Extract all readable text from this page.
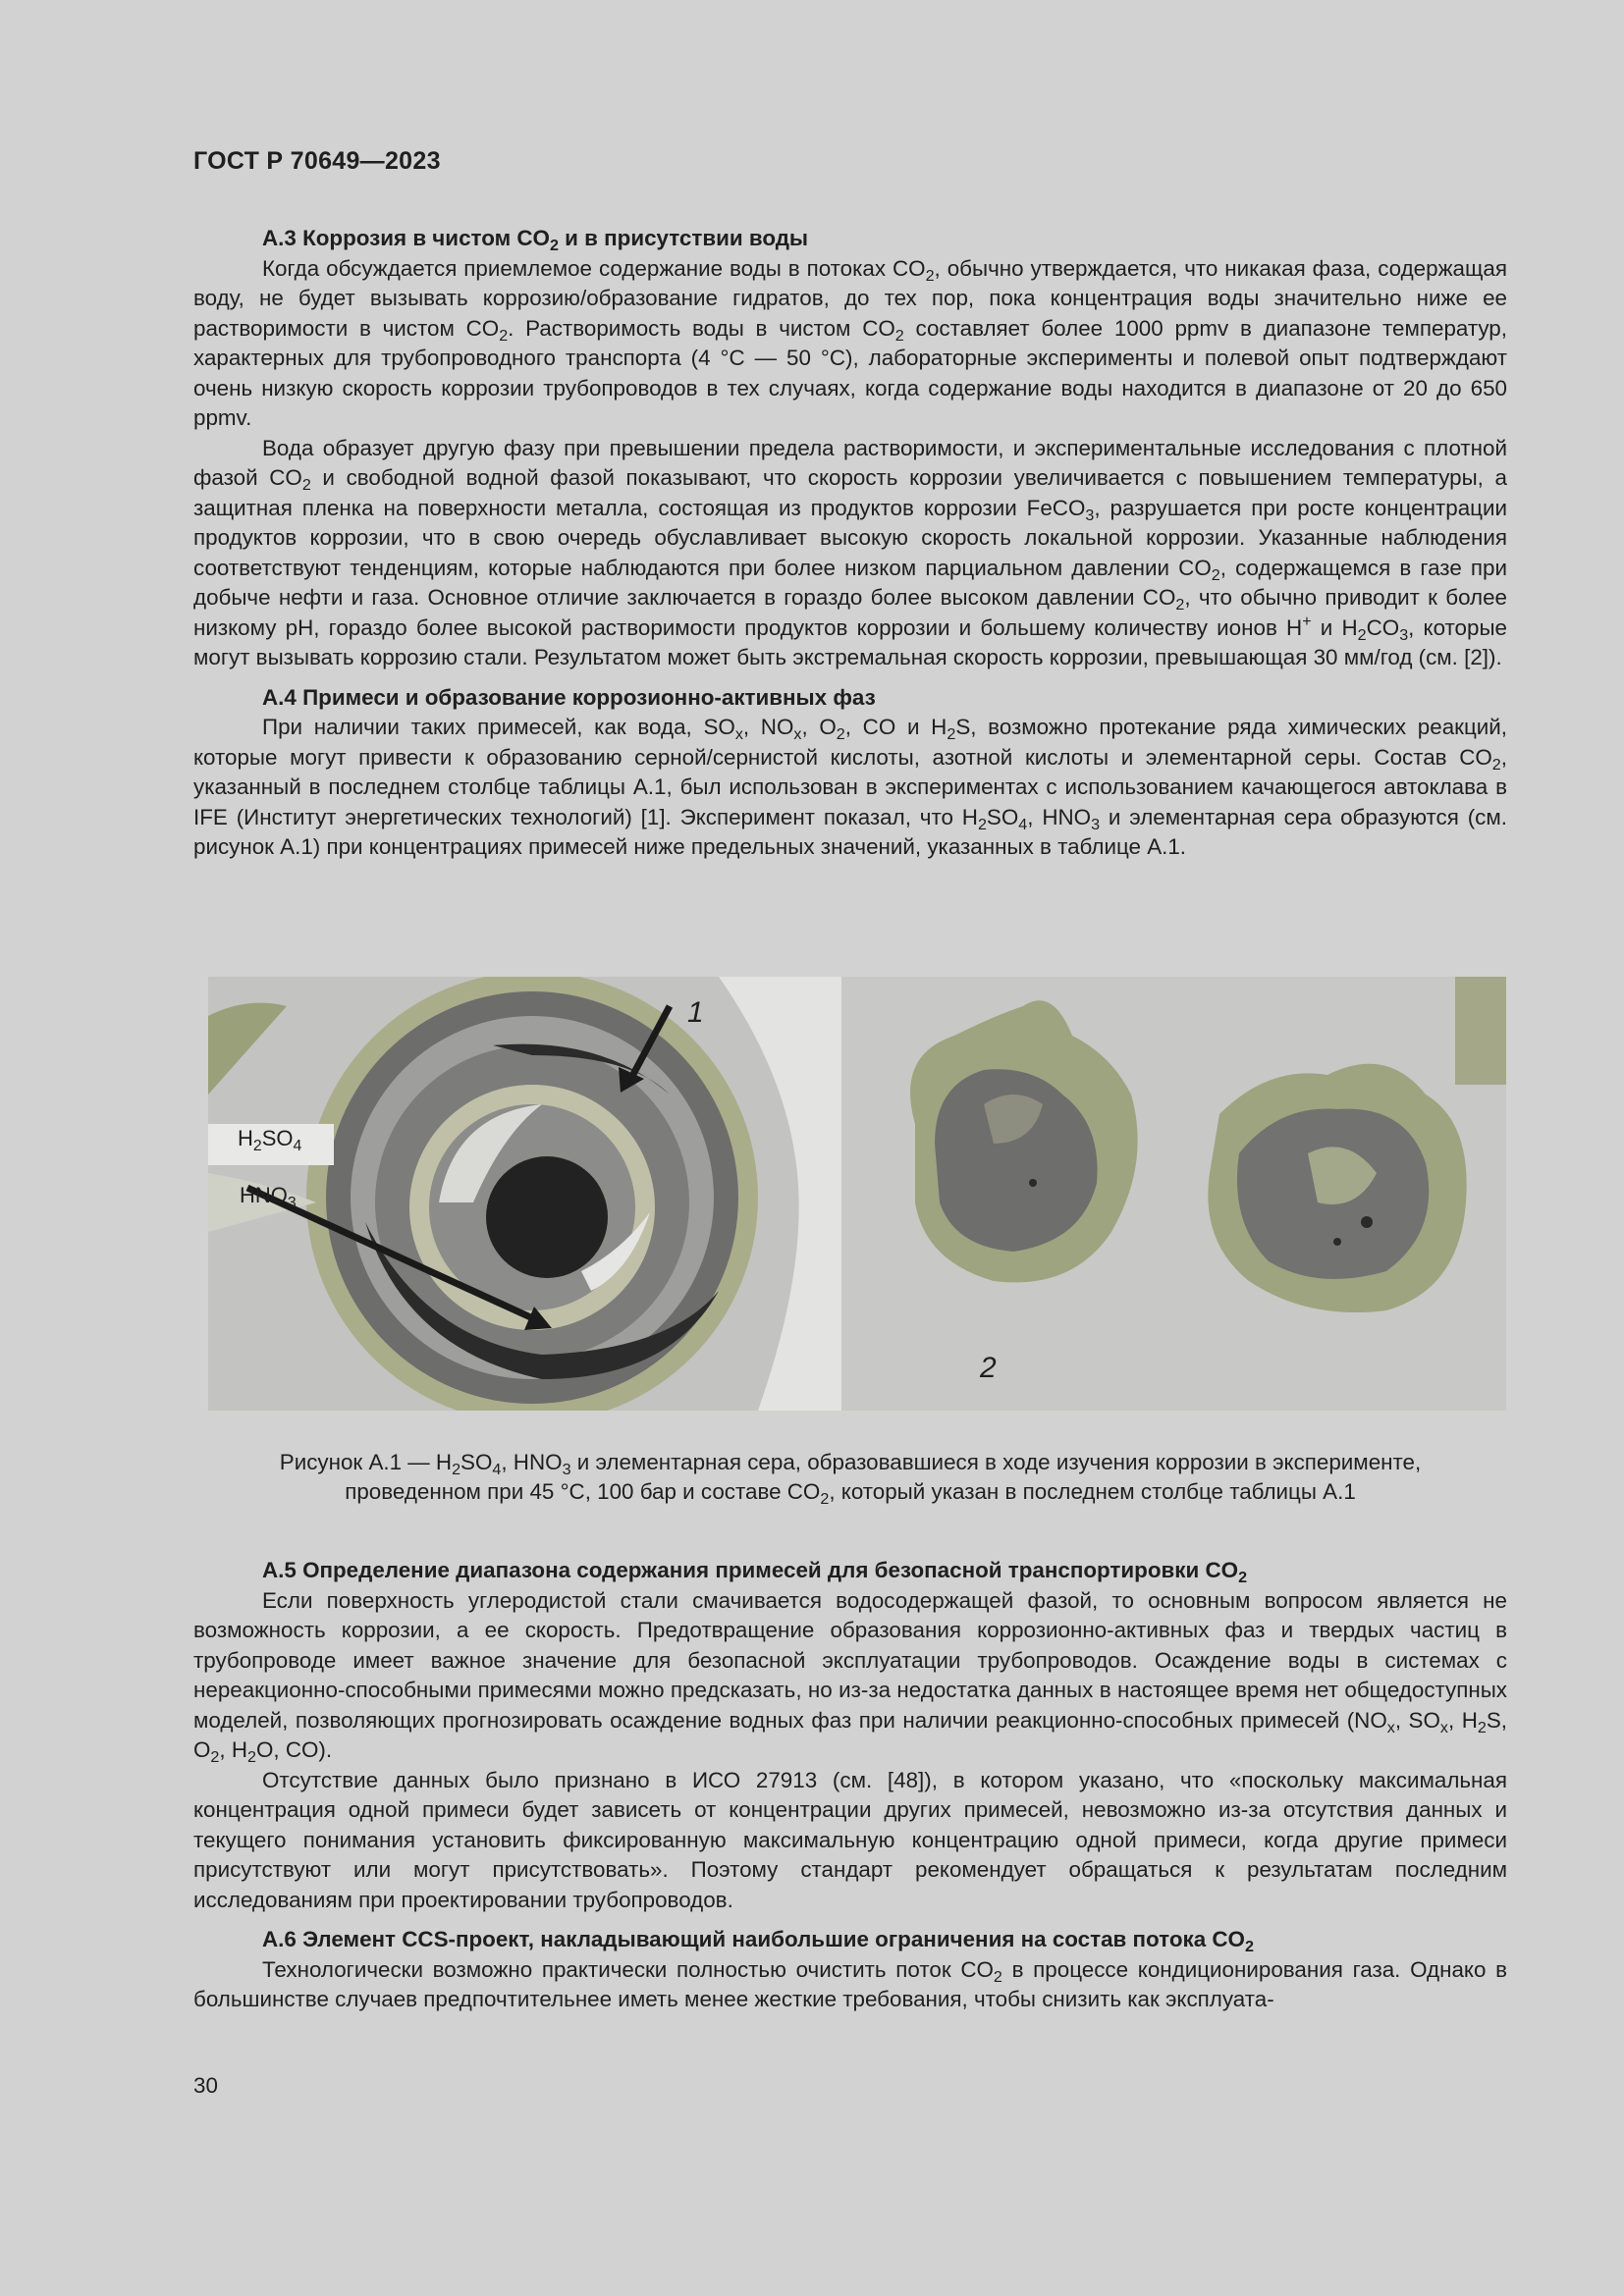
ГОСТ Р 70649—2023

А.3 Коррозия в чистом $CO_2$ и в присутствии воды

Когда обсуждается приемлемое содержание воды в потоках $CO_2$, обычно утверждается, что никакая фаза, содержащая воду, не будет вызывать коррозию/образование гидратов, до тех пор, пока концентрация воды значительно ниже ее растворимости в чистом $CO_2$. Растворимость воды в чистом $CO_2$ составляет более 1000 ppmv в диапазоне температур, характерных для трубопроводного транспорта (4 °С — 50 °С), лабораторные эксперименты и полевой опыт подтверждают очень низкую скорость коррозии трубопроводов в тех случаях, когда содержание воды находится в диапазоне от 20 до 650 ppmv.

Вода образует другую фазу при превышении предела растворимости, и экспериментальные исследования с плотной фазой $CO_2$ и свободной водной фазой показывают, что скорость коррозии увеличивается с повышением температуры, а защитная пленка на поверхности металла, состоящая из продуктов коррозии FeCO$_3$, разрушается при росте концентрации продуктов коррозии, что в свою очередь обуславливает высокую скорость локальной коррозии. Указанные наблюдения соответствуют тенденциям, которые наблюдаются при более низком парциальном давлении $CO_2$, содержащемся в газе при добыче нефти и газа. Основное отличие заключается в гораздо более высоком давлении $CO_2$, что обычно приводит к более низкому pH, гораздо более высокой растворимости продуктов коррозии и большему количеству ионов H+ и $H_2CO_3$, которые могут вызывать коррозию стали. Результатом может быть экстремальная скорость коррозии, превышающая 30 мм/год (см. [2]).

А.4 Примеси и образование коррозионно-активных фаз

При наличии таких примесей, как вода, $SO_x$, $NO_x$, $O_2$, CO и $H_2S$, возможно протекание ряда химических реакций, которые могут привести к образованию серной/сернистой кислоты, азотной кислоты и элементарной серы. Состав $CO_2$, указанный в последнем столбце таблицы А.1, был использован в экспериментах с использованием качающегося автоклава в IFE (Институт энергетических технологий) [1]. Эксперимент показал, что $H_2SO_4$, $HNO_3$ и элементарная сера образуются (см. рисунок А.1) при концентрациях примесей ниже предельных значений, указанных в таблице А.1.

$H_2SO_4$
$HNO_3$
1
2
Рисунок А.1 — $H_2SO_4$, $HNO_3$ и элементарная сера, образовавшиеся в ходе изучения коррозии в эксперименте,
проведенном при 45 °С, 100 бар и составе $CO_2$, который указан в последнем столбце таблицы А.1

А.5 Определение диапазона содержания примесей для безопасной транспортировки $CO_2$

Если поверхность углеродистой стали смачивается водосодержащей фазой, то основным вопросом является не возможность коррозии, а ее скорость. Предотвращение образования коррозионно-активных фаз и твердых частиц в трубопроводе имеет важное значение для безопасной эксплуатации трубопроводов. Осаждение воды в системах с нереакционно-способными примесями можно предсказать, но из-за недостатка данных в настоящее время нет общедоступных моделей, позволяющих прогнозировать осаждение водных фаз при наличии реакционно-способных примесей ($NO_x$, $SO_x$, $H_2S$, $O_2$, $H_2O$, CO).

Отсутствие данных было признано в ИСО 27913 (см. [48]), в котором указано, что «поскольку максимальная концентрация одной примеси будет зависеть от концентрации других примесей, невозможно из-за отсутствия данных и текущего понимания установить фиксированную максимальную концентрацию одной примеси, когда другие примеси присутствуют или могут присутствовать». Поэтому стандарт рекомендует обращаться к результатам последним исследованиям при проектировании трубопроводов.

А.6 Элемент CCS-проект, накладывающий наибольшие ограничения на состав потока $CO_2$

Технологически возможно практически полностью очистить поток $CO_2$ в процессе кондиционирования газа. Однако в большинстве случаев предпочтительнее иметь менее жесткие требования, чтобы снизить как эксплуата-

30
